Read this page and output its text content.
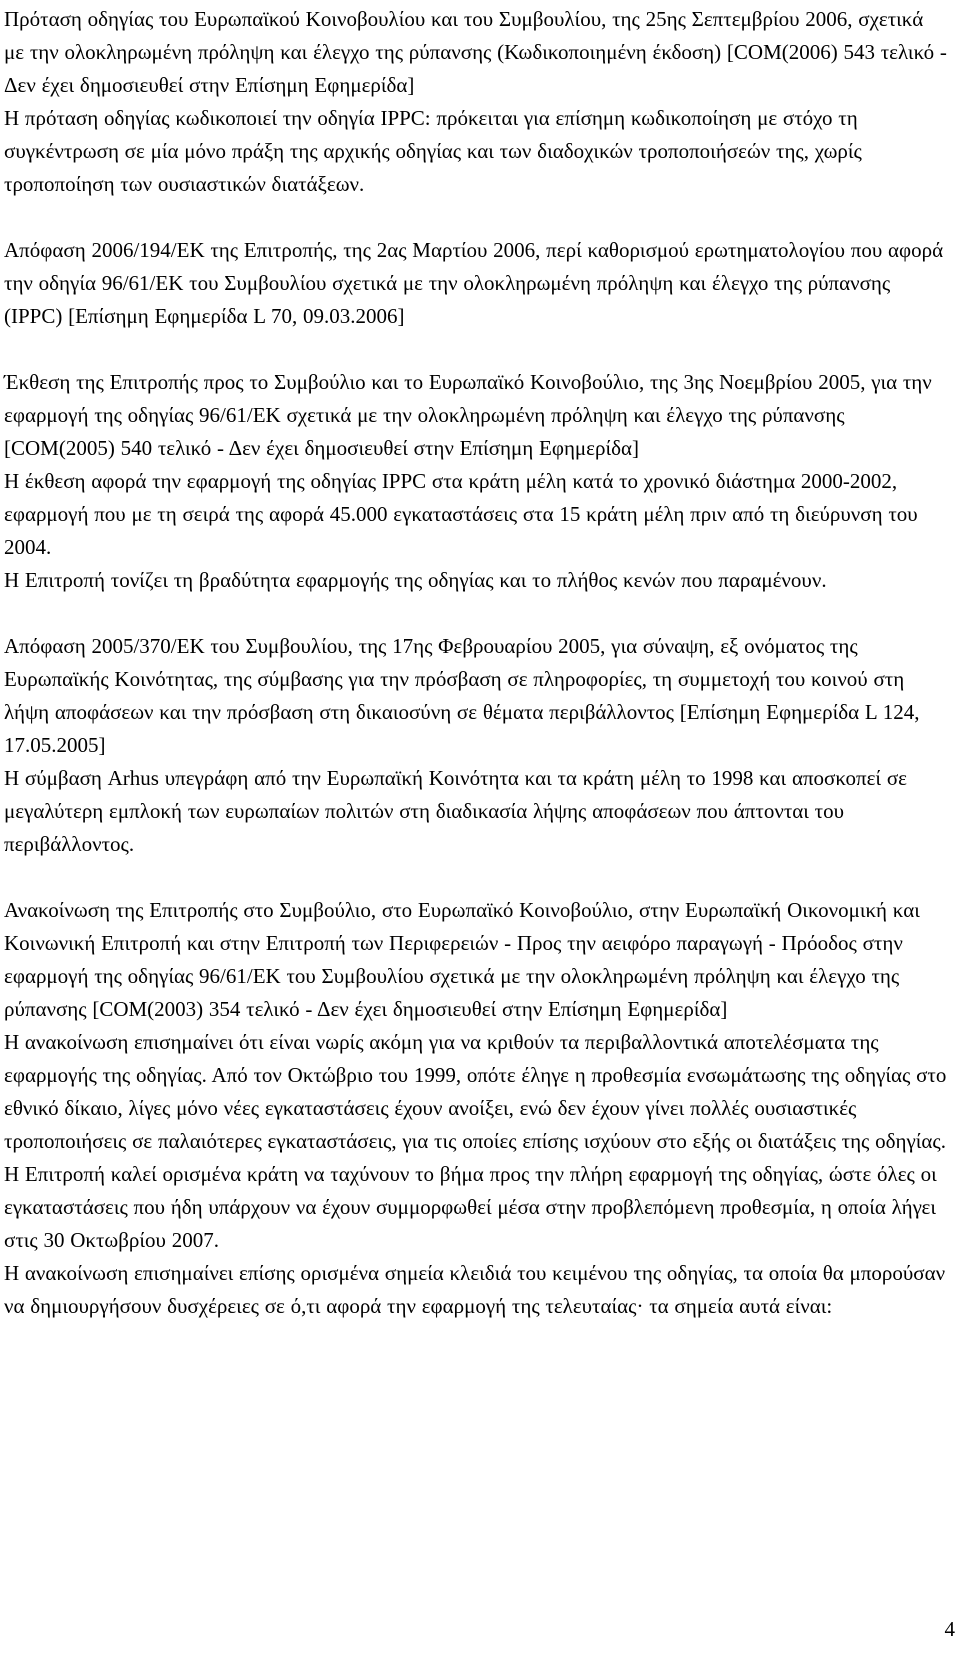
Πρόταση οδηγίας του Ευρωπαϊκού Κοινοβουλίου και του Συμβουλίου, της 25ης Σεπτεμβρίου 2006, σχετικά με την ολοκληρωμένη πρόληψη και έλεγχο της ρύπανσης (Κωδικοποιημένη έκδοση) [COM(2006) 543 τελικό - Δεν έχει δημοσιευθεί στην Επίσημη Εφημερίδα]

Η πρόταση οδηγίας κωδικοποιεί την οδηγία IPPC: πρόκειται για επίσημη κωδικοποίηση με στόχο τη συγκέντρωση σε μία μόνο πράξη της αρχικής οδηγίας και των διαδοχικών τροποποιήσεών της, χωρίς τροποποίηση των ουσιαστικών διατάξεων.

Απόφαση 2006/194/ΕΚ της Επιτροπής, της 2ας Μαρτίου 2006, περί καθορισμού ερωτηματολογίου που αφορά την οδηγία 96/61/ΕΚ του Συμβουλίου σχετικά με την ολοκληρωμένη πρόληψη και έλεγχο της ρύπανσης (IPPC) [Επίσημη Εφημερίδα L 70, 09.03.2006]

Έκθεση της Επιτροπής προς το Συμβούλιο και το Ευρωπαϊκό Κοινοβούλιο, της 3ης Νοεμβρίου 2005, για την εφαρμογή της οδηγίας 96/61/ΕΚ σχετικά με την ολοκληρωμένη πρόληψη και έλεγχο της ρύπανσης [COM(2005) 540 τελικό - Δεν έχει δημοσιευθεί στην Επίσημη Εφημερίδα]

Η έκθεση αφορά την εφαρμογή της οδηγίας IPPC στα κράτη μέλη κατά το χρονικό διάστημα 2000-2002, εφαρμογή που με τη σειρά της αφορά 45.000 εγκαταστάσεις στα 15 κράτη μέλη πριν από τη διεύρυνση του 2004.

Η Επιτροπή τονίζει τη βραδύτητα εφαρμογής της οδηγίας και το πλήθος κενών που παραμένουν.

Απόφαση 2005/370/ΕΚ του Συμβουλίου, της 17ης Φεβρουαρίου 2005, για σύναψη, εξ ονόματος της Ευρωπαϊκής Κοινότητας, της σύμβασης για την πρόσβαση σε πληροφορίες, τη συμμετοχή του κοινού στη λήψη αποφάσεων και την πρόσβαση στη δικαιοσύνη σε θέματα περιβάλλοντος [Επίσημη Εφημερίδα L 124, 17.05.2005]

Η σύμβαση Arhus υπεγράφη από την Ευρωπαϊκή Κοινότητα και τα κράτη μέλη το 1998 και αποσκοπεί σε μεγαλύτερη εμπλοκή των ευρωπαίων πολιτών στη διαδικασία λήψης αποφάσεων που άπτονται του περιβάλλοντος.

Ανακοίνωση της Επιτροπής στο Συμβούλιο, στο Ευρωπαϊκό Κοινοβούλιο, στην Ευρωπαϊκή Οικονομική και Κοινωνική Επιτροπή και στην Επιτροπή των Περιφερειών - Προς την αειφόρο παραγωγή - Πρόοδος στην εφαρμογή της οδηγίας 96/61/ΕΚ του Συμβουλίου σχετικά με την ολοκληρωμένη πρόληψη και έλεγχο της ρύπανσης [COM(2003) 354 τελικό - Δεν έχει δημοσιευθεί στην Επίσημη Εφημερίδα]

Η ανακοίνωση επισημαίνει ότι είναι νωρίς ακόμη για να κριθούν τα περιβαλλοντικά αποτελέσματα της εφαρμογής της οδηγίας. Από τον Οκτώβριο του 1999, οπότε έληγε η προθεσμία ενσωμάτωσης της οδηγίας στο εθνικό δίκαιο, λίγες μόνο νέες εγκαταστάσεις έχουν ανοίξει, ενώ δεν έχουν γίνει πολλές ουσιαστικές τροποποιήσεις σε παλαιότερες εγκαταστάσεις, για τις οποίες επίσης ισχύουν στο εξής οι διατάξεις της οδηγίας. Η Επιτροπή καλεί ορισμένα κράτη να ταχύνουν το βήμα προς την πλήρη εφαρμογή της οδηγίας, ώστε όλες οι εγκαταστάσεις που ήδη υπάρχουν να έχουν συμμορφωθεί μέσα στην προβλεπόμενη προθεσμία, η οποία λήγει στις 30 Οκτωβρίου 2007.

Η ανακοίνωση επισημαίνει επίσης ορισμένα σημεία κλειδιά του κειμένου της οδηγίας, τα οποία θα μπορούσαν να δημιουργήσουν δυσχέρειες σε ό,τι αφορά την εφαρμογή της τελευταίας· τα σημεία αυτά είναι:

4
